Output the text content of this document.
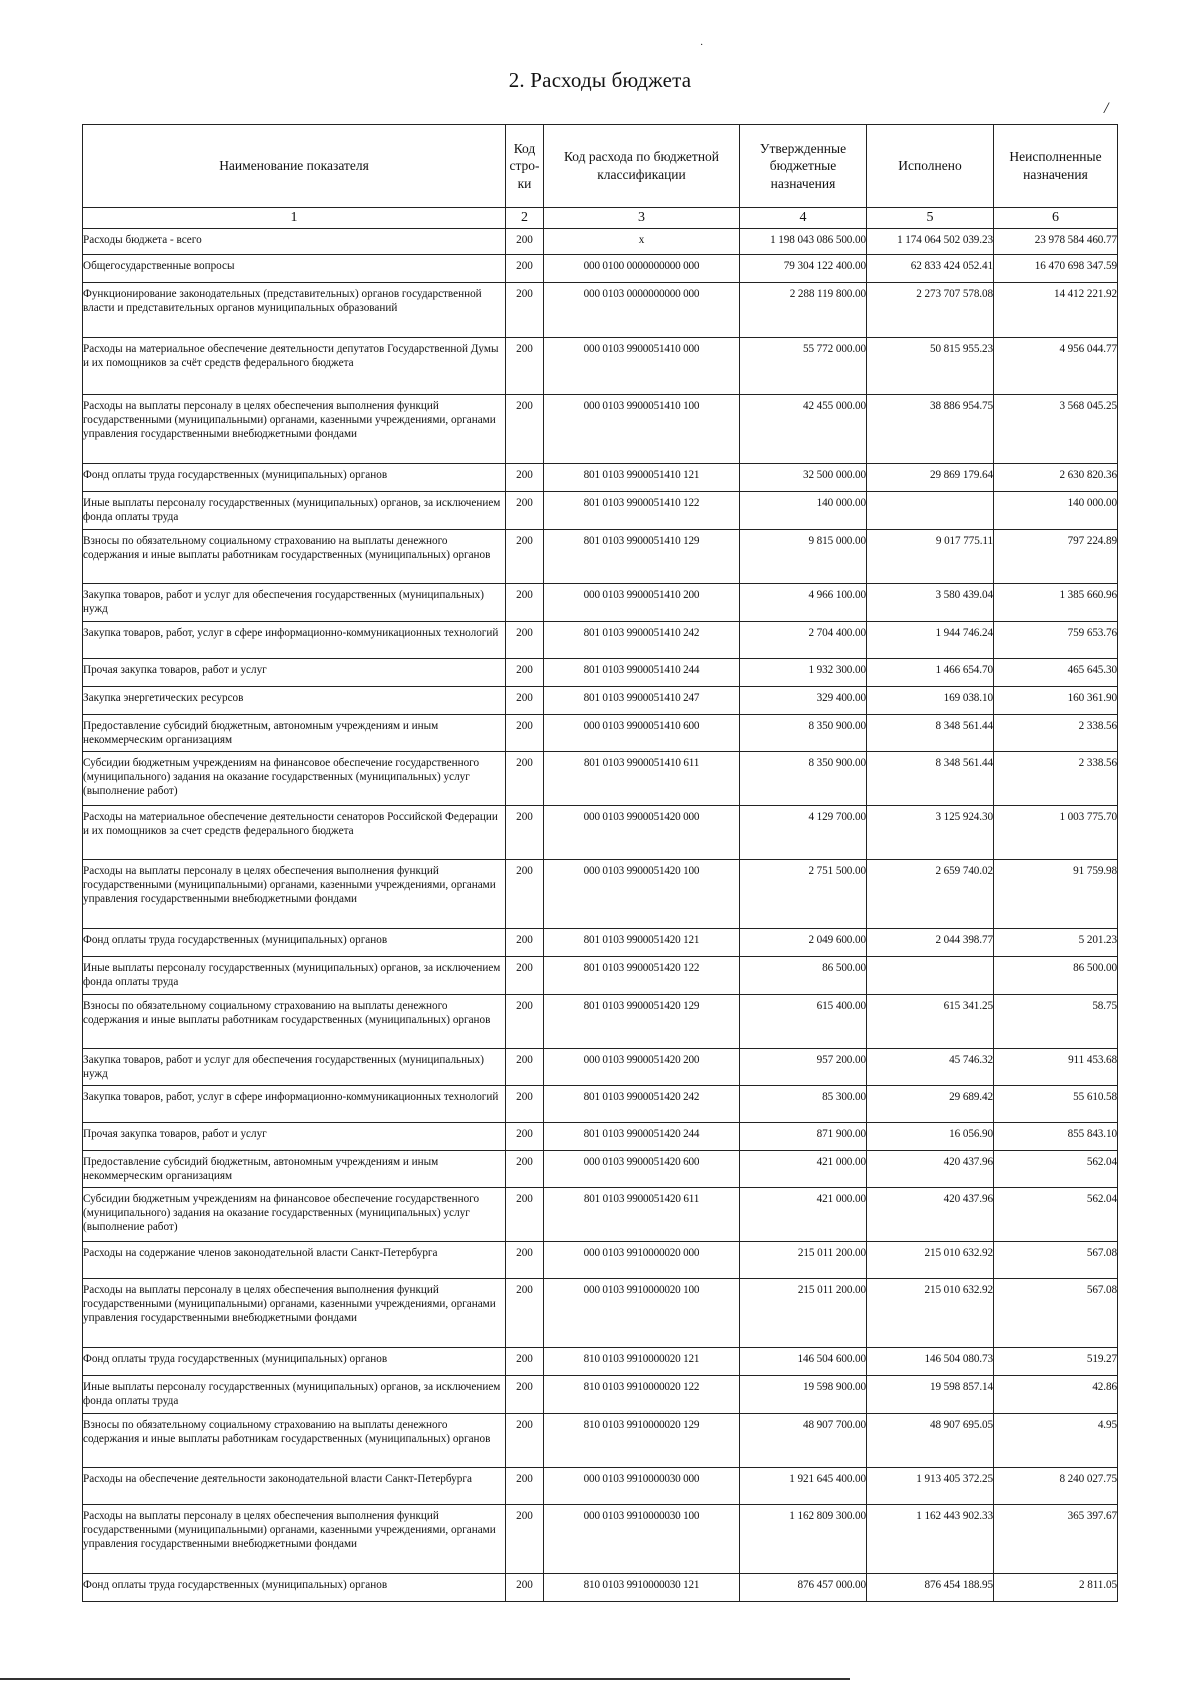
·
2. Расходы бюджета
/
Наименование показателя	Код стро-ки	Код расхода по бюджетной классификации	Утвержденные бюджетные назначения	Исполнено	Неисполненные назначения
1	2	3	4	5	6
Расходы бюджета - всего	200	x	1 198 043 086 500.00	1 174 064 502 039.23	23 978 584 460.77
Общегосударственные вопросы	200	000 0100 0000000000 000	79 304 122 400.00	62 833 424 052.41	16 470 698 347.59
Функционирование законодательных (представительных) органов государственной власти и представительных органов муниципальных образований	200	000 0103 0000000000 000	2 288 119 800.00	2 273 707 578.08	14 412 221.92
Расходы на материальное обеспечение деятельности депутатов Государственной Думы и их помощников за счёт средств федерального бюджета	200	000 0103 9900051410 000	55 772 000.00	50 815 955.23	4 956 044.77
Расходы на выплаты персоналу в целях обеспечения выполнения функций государственными (муниципальными) органами, казенными учреждениями, органами управления государственными внебюджетными фондами	200	000 0103 9900051410 100	42 455 000.00	38 886 954.75	3 568 045.25
Фонд оплаты труда государственных (муниципальных) органов	200	801 0103 9900051410 121	32 500 000.00	29 869 179.64	2 630 820.36
Иные выплаты персоналу государственных (муниципальных) органов, за исключением фонда оплаты труда	200	801 0103 9900051410 122	140 000.00		140 000.00
Взносы по обязательному социальному страхованию на выплаты денежного содержания и иные выплаты работникам государственных (муниципальных) органов	200	801 0103 9900051410 129	9 815 000.00	9 017 775.11	797 224.89
Закупка товаров, работ и услуг для обеспечения государственных (муниципальных) нужд	200	000 0103 9900051410 200	4 966 100.00	3 580 439.04	1 385 660.96
Закупка товаров, работ, услуг в сфере информационно-коммуникационных технологий	200	801 0103 9900051410 242	2 704 400.00	1 944 746.24	759 653.76
Прочая закупка товаров, работ и услуг	200	801 0103 9900051410 244	1 932 300.00	1 466 654.70	465 645.30
Закупка энергетических ресурсов	200	801 0103 9900051410 247	329 400.00	169 038.10	160 361.90
Предоставление субсидий бюджетным, автономным учреждениям и иным некоммерческим организациям	200	000 0103 9900051410 600	8 350 900.00	8 348 561.44	2 338.56
Субсидии бюджетным учреждениям на финансовое обеспечение государственного (муниципального) задания на оказание государственных (муниципальных) услуг (выполнение работ)	200	801 0103 9900051410 611	8 350 900.00	8 348 561.44	2 338.56
Расходы на материальное обеспечение деятельности сенаторов Российской Федерации и их помощников за счет средств федерального бюджета	200	000 0103 9900051420 000	4 129 700.00	3 125 924.30	1 003 775.70
Расходы на выплаты персоналу в целях обеспечения выполнения функций государственными (муниципальными) органами, казенными учреждениями, органами управления государственными внебюджетными фондами	200	000 0103 9900051420 100	2 751 500.00	2 659 740.02	91 759.98
Фонд оплаты труда государственных (муниципальных) органов	200	801 0103 9900051420 121	2 049 600.00	2 044 398.77	5 201.23
Иные выплаты персоналу государственных (муниципальных) органов, за исключением фонда оплаты труда	200	801 0103 9900051420 122	86 500.00		86 500.00
Взносы по обязательному социальному страхованию на выплаты денежного содержания и иные выплаты работникам государственных (муниципальных) органов	200	801 0103 9900051420 129	615 400.00	615 341.25	58.75
Закупка товаров, работ и услуг для обеспечения государственных (муниципальных) нужд	200	000 0103 9900051420 200	957 200.00	45 746.32	911 453.68
Закупка товаров, работ, услуг в сфере информационно-коммуникационных технологий	200	801 0103 9900051420 242	85 300.00	29 689.42	55 610.58
Прочая закупка товаров, работ и услуг	200	801 0103 9900051420 244	871 900.00	16 056.90	855 843.10
Предоставление субсидий бюджетным, автономным учреждениям и иным некоммерческим организациям	200	000 0103 9900051420 600	421 000.00	420 437.96	562.04
Субсидии бюджетным учреждениям на финансовое обеспечение государственного (муниципального) задания на оказание государственных (муниципальных) услуг (выполнение работ)	200	801 0103 9900051420 611	421 000.00	420 437.96	562.04
Расходы на содержание членов законодательной власти Санкт-Петербурга	200	000 0103 9910000020 000	215 011 200.00	215 010 632.92	567.08
Расходы на выплаты персоналу в целях обеспечения выполнения функций государственными (муниципальными) органами, казенными учреждениями, органами управления государственными внебюджетными фондами	200	000 0103 9910000020 100	215 011 200.00	215 010 632.92	567.08
Фонд оплаты труда государственных (муниципальных) органов	200	810 0103 9910000020 121	146 504 600.00	146 504 080.73	519.27
Иные выплаты персоналу государственных (муниципальных) органов, за исключением фонда оплаты труда	200	810 0103 9910000020 122	19 598 900.00	19 598 857.14	42.86
Взносы по обязательному социальному страхованию на выплаты денежного содержания и иные выплаты работникам государственных (муниципальных) органов	200	810 0103 9910000020 129	48 907 700.00	48 907 695.05	4.95
Расходы на обеспечение деятельности законодательной власти Санкт-Петербурга	200	000 0103 9910000030 000	1 921 645 400.00	1 913 405 372.25	8 240 027.75
Расходы на выплаты персоналу в целях обеспечения выполнения функций государственными (муниципальными) органами, казенными учреждениями, органами управления государственными внебюджетными фондами	200	000 0103 9910000030 100	1 162 809 300.00	1 162 443 902.33	365 397.67
Фонд оплаты труда государственных (муниципальных) органов	200	810 0103 9910000030 121	876 457 000.00	876 454 188.95	2 811.05
